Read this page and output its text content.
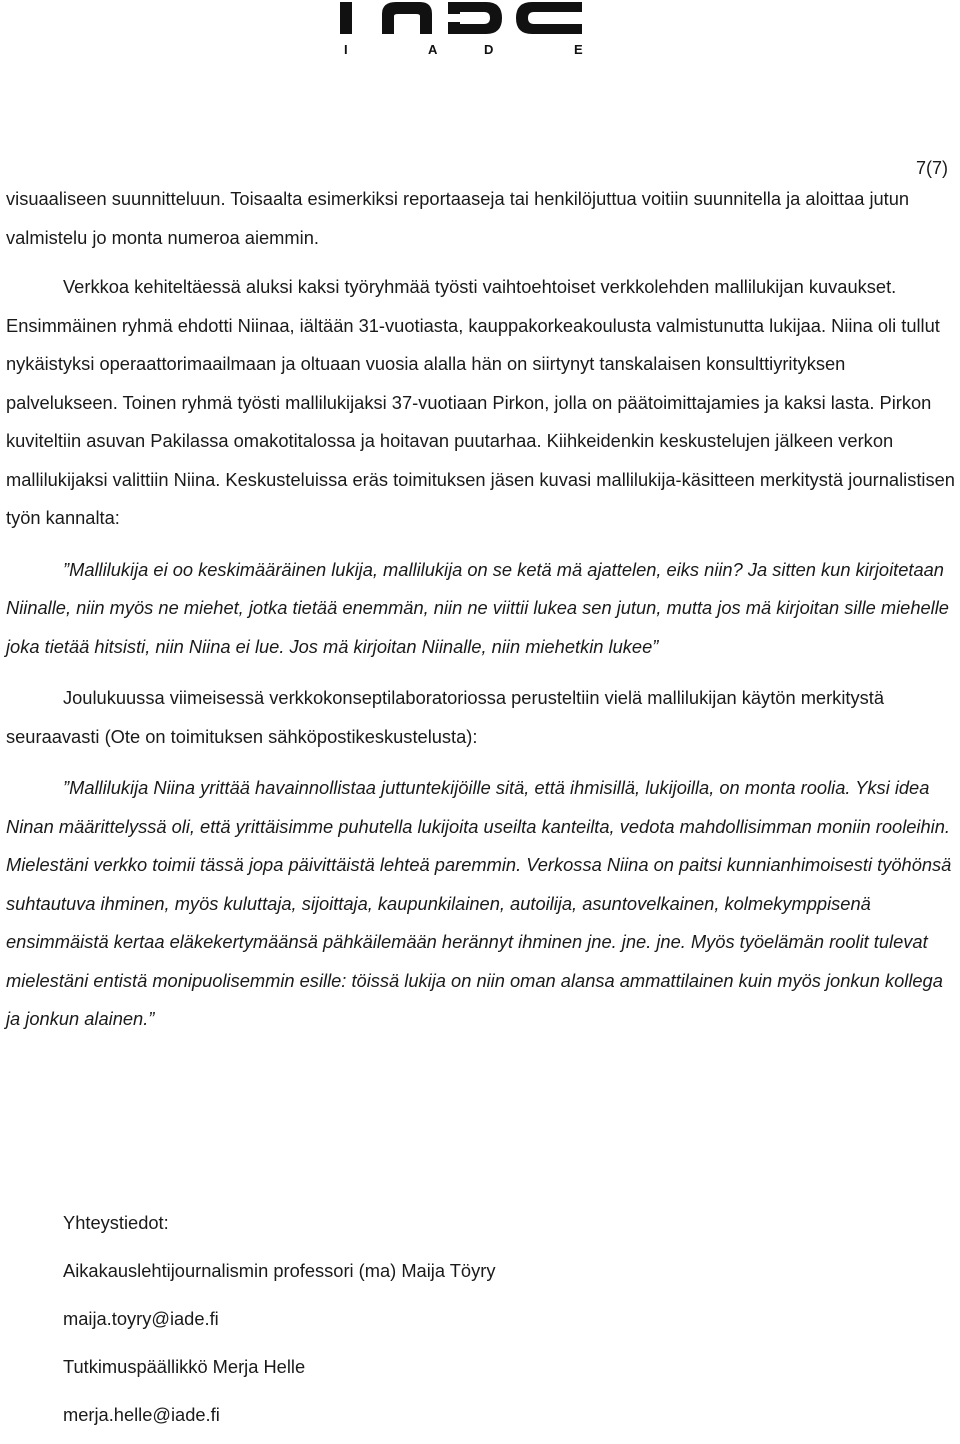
I	A	D	E
7(7)

visuaaliseen suunnitteluun. Toisaalta esimerkiksi reportaaseja tai henkilöjuttua voitiin suunnitella ja aloittaa jutun valmistelu jo monta numeroa aiemmin.

Verkkoa kehiteltäessä aluksi kaksi työryhmää työsti vaihtoehtoiset verkkolehden mallilukijan kuvaukset. Ensimmäinen ryhmä ehdotti Niinaa, iältään 31-vuotiasta, kauppakorkeakoulusta valmistunutta lukijaa. Niina oli tullut nykäistyksi operaattorimaailmaan ja oltuaan vuosia alalla hän on siirtynyt tanskalaisen konsulttiyrityksen palvelukseen. Toinen ryhmä työsti mallilukijaksi 37-vuotiaan Pirkon, jolla on päätoimittajamies ja kaksi lasta. Pirkon kuviteltiin asuvan Pakilassa omakotitalossa ja hoitavan puutarhaa. Kiihkeidenkin keskustelujen jälkeen verkon mallilukijaksi valittiin Niina. Keskusteluissa eräs toimituksen jäsen kuvasi mallilukija-käsitteen merkitystä journalistisen työn kannalta:

”Mallilukija ei oo keskimääräinen lukija, mallilukija on se ketä mä ajattelen, eiks niin? Ja sitten kun kirjoitetaan Niinalle, niin myös ne miehet, jotka tietää enemmän, niin ne viittii lukea sen jutun, mutta jos mä kirjoitan sille miehelle joka tietää hitsisti, niin Niina ei lue. Jos mä kirjoitan Niinalle, niin miehetkin lukee”

Joulukuussa viimeisessä verkkokonseptilaboratoriossa perusteltiin vielä mallilukijan käytön merkitystä seuraavasti (Ote on toimituksen sähköpostikeskustelusta):

”Mallilukija Niina yrittää havainnollistaa juttuntekijöille sitä, että ihmisillä, lukijoilla, on monta roolia. Yksi idea Ninan määrittelyssä oli, että yrittäisimme puhutella lukijoita useilta kanteilta, vedota mahdollisimman moniin rooleihin. Mielestäni verkko toimii tässä jopa päivittäistä lehteä paremmin. Verkossa Niina on paitsi kunnianhimoisesti työhönsä suhtautuva ihminen, myös kuluttaja, sijoittaja, kaupunkilainen, autoilija, asuntovelkainen, kolmekymppisenä ensimmäistä kertaa eläkekertymäänsä pähkäilemään herännyt ihminen jne. jne. jne. Myös työelämän roolit tulevat mielestäni entistä monipuolisemmin esille: töissä lukija on niin oman alansa ammattilainen kuin myös jonkun kollega ja jonkun alainen.”

Yhteystiedot:
Aikakauslehtijournalismin professori (ma) Maija Töyry
maija.toyry@iade.fi
Tutkimuspäällikkö Merja Helle
merja.helle@iade.fi
